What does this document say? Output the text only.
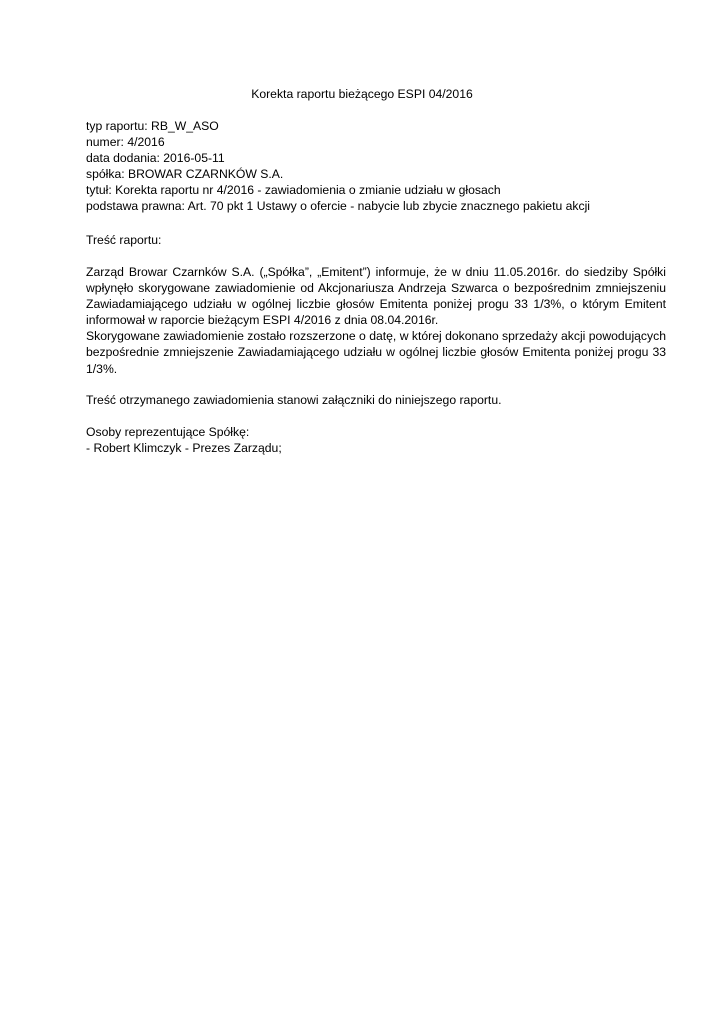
Korekta raportu bieżącego ESPI 04/2016
typ raportu: RB_W_ASO
numer: 4/2016
data dodania: 2016-05-11
spółka: BROWAR CZARNKÓW S.A.
tytuł: Korekta raportu nr 4/2016 - zawiadomienia o zmianie udziału w głosach
podstawa prawna: Art. 70 pkt 1 Ustawy o ofercie - nabycie lub zbycie znacznego pakietu akcji
Treść raportu:

Zarząd Browar Czarnków S.A. („Spółka”, „Emitent”) informuje, że w dniu 11.05.2016r. do siedziby Spółki wpłynęło skorygowane zawiadomienie od Akcjonariusza Andrzeja Szwarca o bezpośrednim zmniejszeniu Zawiadamiającego udziału w ogólnej liczbie głosów Emitenta poniżej progu 33 1/3%, o którym Emitent informował w raporcie bieżącym ESPI 4/2016 z dnia 08.04.2016r.

Skorygowane zawiadomienie zostało rozszerzone o datę, w której dokonano sprzedaży akcji powodujących bezpośrednie zmniejszenie Zawiadamiającego udziału w ogólnej liczbie głosów Emitenta poniżej progu 33 1/3%.

Treść otrzymanego zawiadomienia stanowi załączniki do niniejszego raportu.
Osoby reprezentujące Spółkę:
- Robert Klimczyk - Prezes Zarządu;
